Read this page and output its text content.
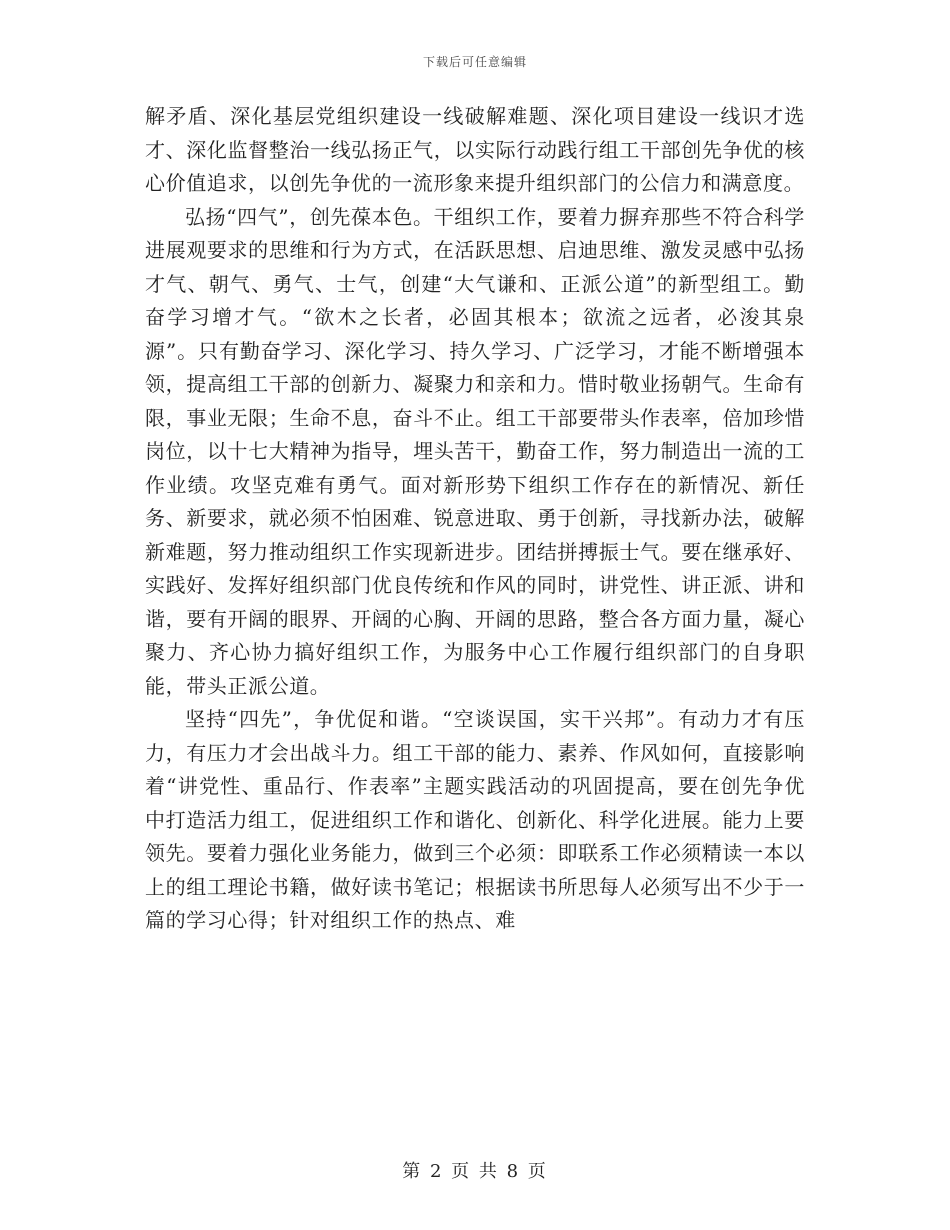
下载后可任意编辑

解矛盾、深化基层党组织建设一线破解难题、深化项目建设一线识才选才、深化监督整治一线弘扬正气，以实际行动践行组工干部创先争优的核心价值追求，以创先争优的一流形象来提升组织部门的公信力和满意度。

弘扬“四气”，创先葆本色。干组织工作，要着力摒弃那些不符合科学进展观要求的思维和行为方式，在活跃思想、启迪思维、激发灵感中弘扬才气、朝气、勇气、士气，创建“大气谦和、正派公道”的新型组工。勤奋学习增才气。“欲木之长者，必固其根本；欲流之远者，必浚其泉源”。只有勤奋学习、深化学习、持久学习、广泛学习，才能不断增强本领，提高组工干部的创新力、凝聚力和亲和力。惜时敬业扬朝气。生命有限，事业无限；生命不息，奋斗不止。组工干部要带头作表率，倍加珍惜岗位，以十七大精神为指导，埋头苦干，勤奋工作，努力制造出一流的工作业绩。攻坚克难有勇气。面对新形势下组织工作存在的新情况、新任务、新要求，就必须不怕困难、锐意进取、勇于创新，寻找新办法，破解新难题，努力推动组织工作实现新进步。团结拼搏振士气。要在继承好、实践好、发挥好组织部门优良传统和作风的同时，讲党性、讲正派、讲和谐，要有开阔的眼界、开阔的心胸、开阔的思路，整合各方面力量，凝心聚力、齐心协力搞好组织工作，为服务中心工作履行组织部门的自身职能，带头正派公道。

坚持“四先”，争优促和谐。“空谈误国，实干兴邦”。有动力才有压力，有压力才会出战斗力。组工干部的能力、素养、作风如何，直接影响着“讲党性、重品行、作表率”主题实践活动的巩固提高，要在创先争优中打造活力组工，促进组织工作和谐化、创新化、科学化进展。能力上要领先。要着力强化业务能力，做到三个必须：即联系工作必须精读一本以上的组工理论书籍，做好读书笔记；根据读书所思每人必须写出不少于一篇的学习心得；针对组织工作的热点、难

第 2 页 共 8 页
